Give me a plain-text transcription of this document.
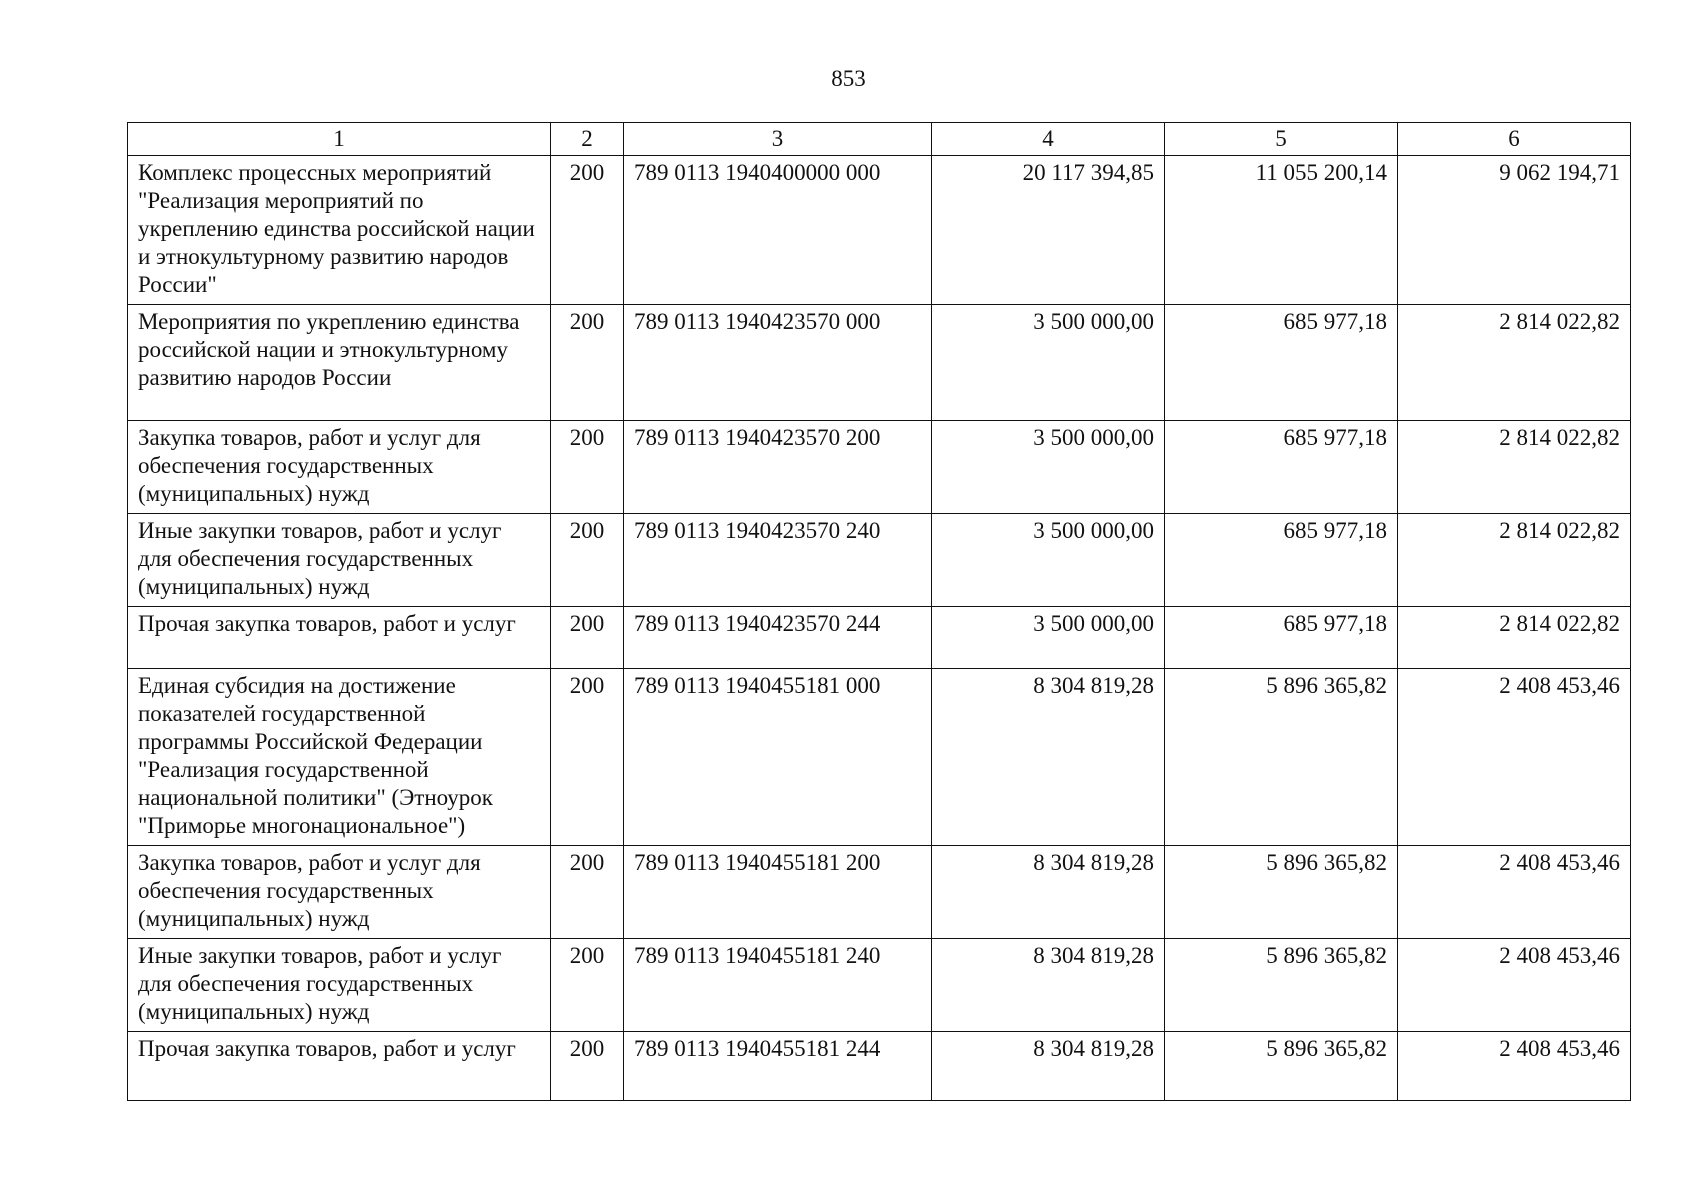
853
1	2	3	4	5	6
Комплекс процессных мероприятий "Реализация мероприятий по укреплению единства российской нации и этнокультурному развитию народов России"	200	789 0113 1940400000 000	20 117 394,85	11 055 200,14	9 062 194,71
Мероприятия по укреплению единства российской нации и этнокультурному развитию народов России	200	789 0113 1940423570 000	3 500 000,00	685 977,18	2 814 022,82
Закупка товаров, работ и услуг для обеспечения государственных (муниципальных) нужд	200	789 0113 1940423570 200	3 500 000,00	685 977,18	2 814 022,82
Иные закупки товаров, работ и услуг для обеспечения государственных (муниципальных) нужд	200	789 0113 1940423570 240	3 500 000,00	685 977,18	2 814 022,82
Прочая закупка товаров, работ и услуг	200	789 0113 1940423570 244	3 500 000,00	685 977,18	2 814 022,82
Единая субсидия на достижение показателей государственной программы Российской Федерации "Реализация государственной национальной политики" (Этноурок "Приморье многонациональное")	200	789 0113 1940455181 000	8 304 819,28	5 896 365,82	2 408 453,46
Закупка товаров, работ и услуг для обеспечения государственных (муниципальных) нужд	200	789 0113 1940455181 200	8 304 819,28	5 896 365,82	2 408 453,46
Иные закупки товаров, работ и услуг для обеспечения государственных (муниципальных) нужд	200	789 0113 1940455181 240	8 304 819,28	5 896 365,82	2 408 453,46
Прочая закупка товаров, работ и услуг	200	789 0113 1940455181 244	8 304 819,28	5 896 365,82	2 408 453,46
